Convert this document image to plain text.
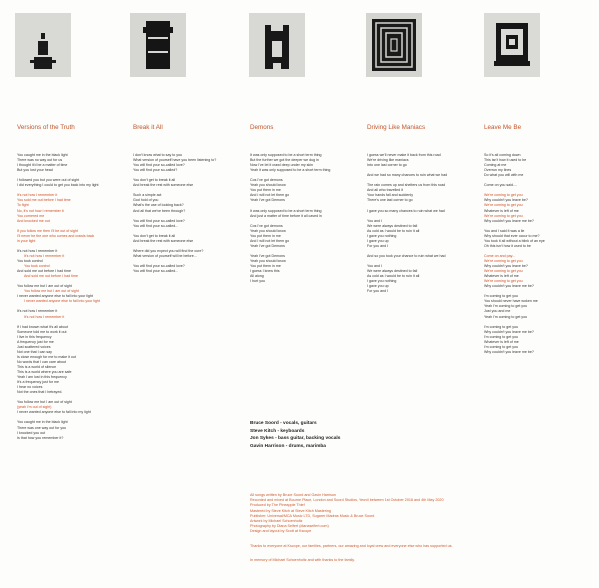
Versions of the Truth
You caught me in the black light
There was no way out for us
I thought it'd be a matter of time
But you lost your head

I followed you but you were out of sight
I did everything I could to get you back into my light

It's not how I remember it
You sold me out before I had time
To fight
No, it's not how I remember it
You cornered me
And knocked me out

If you follow me then I'll be out of sight
I'll never be the one who comes and crawls back
in your light

It's not how I remember it
It's not how I remember it
You took control
You took control
And sold me out before I had time
And sold me out before I had time

You follow me but I am out of sight
You follow me but I am out of sight
I never wanted anyone else to fall into your light
I never wanted anyone else to fall into your light

It's not how I remember it
It's not how I remember it

If I had known what it's all about
Someone told me to work it out
I live in this frequency
A frequency just for me
Just scattered voices
Not one that I can say
Is close enough for me to make it out
No words that I can care about
This is a world of silence
This is a world where you are safe
Yeah I am lost in this frequency
It's a frequency just for me
I hear no voices
Not the ones that I betrayed.

You follow me but I am out of sight
(yeah I'm out of sight)
I never wanted anyone else to fall into my light

You caught me in the black light
There was one way out for you
I knocked you out
Is that how you remember it?
Break it All
I don't know what to say to you
What version of yourself have you been listening to?
You will find your so-called love?
You will find your so-called?

You don't get to break it all
And break the rest with someone else

Such a simple act
God hold of you
What's the use of looking back?
And all that we've been through?

You will find your so-called love?
You will find your so-called...

You don't get to break it all
And break the rest with someone else

Where did you expect you will find the cure?
What version of yourself will be before...

You will find your so-called love?
You will find your so-called...
Demons
It was only supposed to be a short term thing
But the further we got the deeper we dug in
Now I've let it crawl deep under my skin
Yeah it was only supposed to be a short term thing

Cos I've got demons
Yeah you should know
You put them in me
And I will not let them go
Yeah I've got Demons

It was only supposed to be a short term thing
And just a matter of time before it all caved in

Cos I've got demons
Yeah you should know
You put them in me
And I will not let them go
Yeah I've got Demons

Yeah I've got Demons
Yeah you should know
You put them in me
I guess I knew this
All along
I hurt you
Driving Like Maniacs
I guess we'll never make it back from this road
We're driving like maniacs
Into one last corner to go

And we had so many chances to ruin what we had

The rain comes up and shelters us from this road
And all who travelled it
Your hands fall and suddenly
There's one last corner to go

I gave you so many chances to ruin what we had

You and I
We were always destined to fall
As cold as I would be to ruin it all
I gave you nothing
I gave you up
For you and I

And so you took your chance to ruin what we had

You and I
We were always destined to fall
As cold as I would be to ruin it all
I gave you nothing
I gave you up
For you and I
Leave Me Be
So it's all coming down
This isn't how it used to be
Coming at me
Overrun my lines
Do what you will with me

Come on you said....

We're coming to get you
Why couldn't you leave be?
We're coming to get you
Whatever is left of me
We're coming to get you
Why couldn't you leave me be?

You and I said it was a lie
Why should that ever occur to me?
You took it all without a blink of an eye
Oh this isn't how it used to be

Come on and pay...
We're coming to get you
Why couldn't you leave be?
We're coming to get you
Whatever is left of me
We're coming to get you
Why couldn't you leave me be?

I'm coming to get you
You should never have woken me
Yeah I'm coming to get you
Just you and me
Yeah I'm coming to get you

I'm coming to get you
Why couldn't you leave me be?
I'm coming to get you
Whatever is left of me
I'm coming to get you
Why couldn't you leave me be?
Bruce Soord - vocals, guitars
Steve Kitch - keyboards
Jon Sykes - bass guitar, backing vocals
Gavin Harrison - drums, marimba
All songs written by Bruce Soord and Gavin Harrison
Recorded and mixed at Bourne Place, London and Soord Studios, Yeovil between 1st October 2018 and 4th May 2020
Produced by The Pineapple Thief
Mastered by Steve Kitch at Steve Kitch Mastering
Publisher: Universal/MCA Music LTD, Sugarer Madras Music & Bruce Soord
Artwork by Michael Schoenholtz
Photography by Diana Seifert (dianaseifert.com)
Design and layout by Scott at Kscope
Thanks to everyone at Kscope, our families, partners, our amazing and loyal crew and everyone else who has supported us.
In memory of Michael Schoenholtz and with thanks to the family.
